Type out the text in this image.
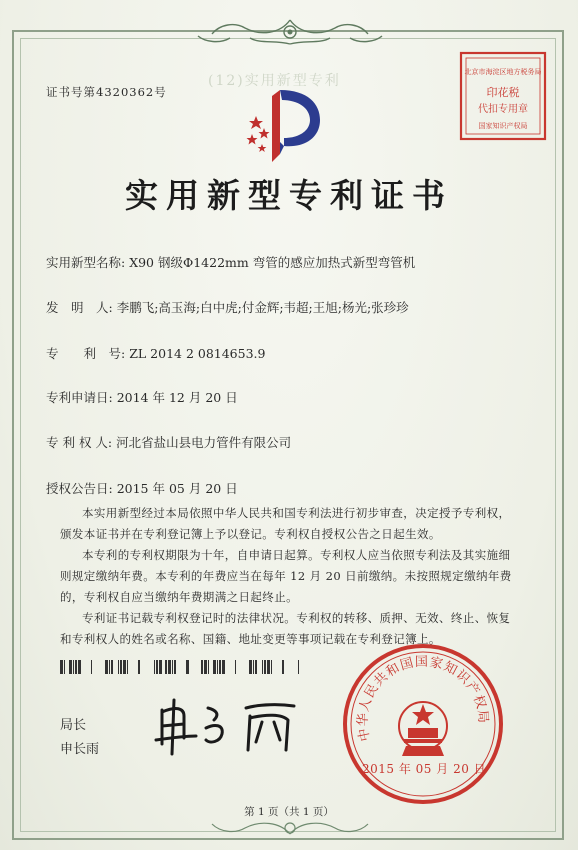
证书号第4320362号
(12)实用新型专利
北京市海淀区地方税务局
印花税
代扣专用章
国家知识产权局
实用新型专利证书
实用新型名称: X90 钢级Φ1422mm 弯管的感应加热式新型弯管机
发　明　人: 李鹏飞;高玉海;白中虎;付金辉;韦超;王旭;杨光;张珍珍
专　　利　号: ZL 2014 2 0814653.9
专利申请日: 2014 年 12 月 20 日
专 利 权 人: 河北省盐山县电力管件有限公司
授权公告日: 2015 年 05 月 20 日

本实用新型经过本局依照中华人民共和国专利法进行初步审查，决定授予专利权，颁发本证书并在专利登记簿上予以登记。专利权自授权公告之日起生效。

本专利的专利权期限为十年，自申请日起算。专利权人应当依照专利法及其实施细则规定缴纳年费。本专利的年费应当在每年 12 月 20 日前缴纳。未按照规定缴纳年费的，专利权自应当缴纳年费期满之日起终止。

专利证书记载专利权登记时的法律状况。专利权的转移、质押、无效、终止、恢复和专利权人的姓名或名称、国籍、地址变更等事项记载在专利登记簿上。

局长
申长雨
中华人民共和国国家知识产权局
2015 年 05 月 20 日
第 1 页（共 1 页）
